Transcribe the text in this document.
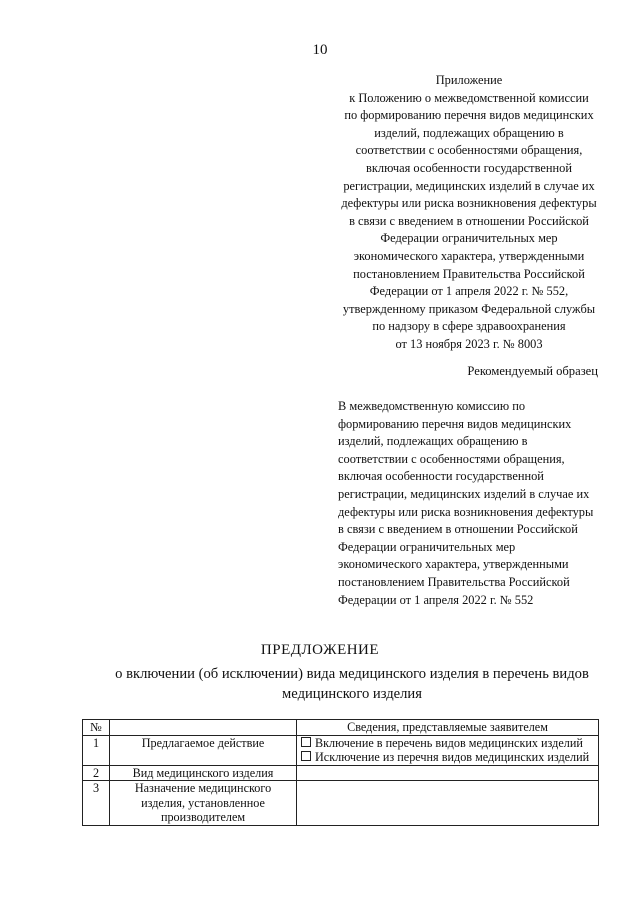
10
Приложение
к Положению о межведомственной комиссии
по формированию перечня видов медицинских
изделий, подлежащих обращению в
соответствии с особенностями обращения,
включая особенности государственной
регистрации, медицинских изделий в случае их
дефектуры или риска возникновения дефектуры
в связи с введением в отношении Российской
Федерации ограничительных мер
экономического характера, утвержденными
постановлением Правительства Российской
Федерации от 1 апреля 2022 г. № 552,
утвержденному приказом Федеральной службы
по надзору в сфере здравоохранения
от 13 ноября 2023 г. № 8003
Рекомендуемый образец
В межведомственную комиссию по
формированию перечня видов медицинских
изделий, подлежащих обращению в
соответствии с особенностями обращения,
включая особенности государственной
регистрации, медицинских изделий в случае их
дефектуры или риска возникновения дефектуры
в связи с введением в отношении Российской
Федерации ограничительных мер
экономического характера, утвержденными
постановлением Правительства Российской
Федерации от 1 апреля 2022 г. № 552
ПРЕДЛОЖЕНИЕ
о включении (об исключении) вида медицинского изделия в перечень видов медицинского изделия
№		Сведения, представляемые заявителем
1	Предлагаемое действие	Включение в перечень видов медицинских изделий
Исключение из перечня видов медицинских изделий

2	Вид медицинского изделия	
3	Назначение медицинского изделия, установленное производителем	
